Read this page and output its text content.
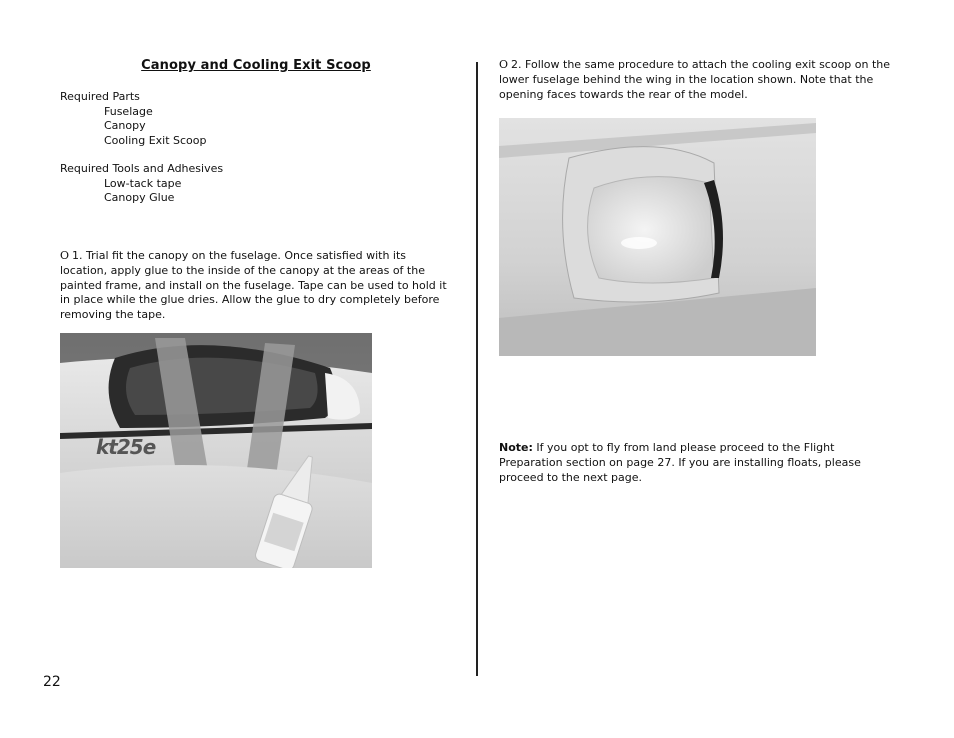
Canopy and Cooling Exit Scoop
Required Parts
Fuselage
Canopy
Cooling Exit Scoop
Required Tools and Adhesives
Low-tack tape
Canopy Glue

O 1. Trial fit the canopy on the fuselage. Once satisfied with its location, apply glue to the inside of the canopy at the areas of the painted frame, and install on the fuselage. Tape can be used to hold it in place while the glue dries. Allow the glue to dry completely before removing the tape.

kt25e

O 2. Follow the same procedure to attach the cooling exit scoop on the lower fuselage behind the wing in the location shown. Note that the opening faces towards the rear of the model.

Note: If you opt to fly from land please proceed to the Flight Preparation section on page 27. If you are installing floats, please proceed to the next page.

22
